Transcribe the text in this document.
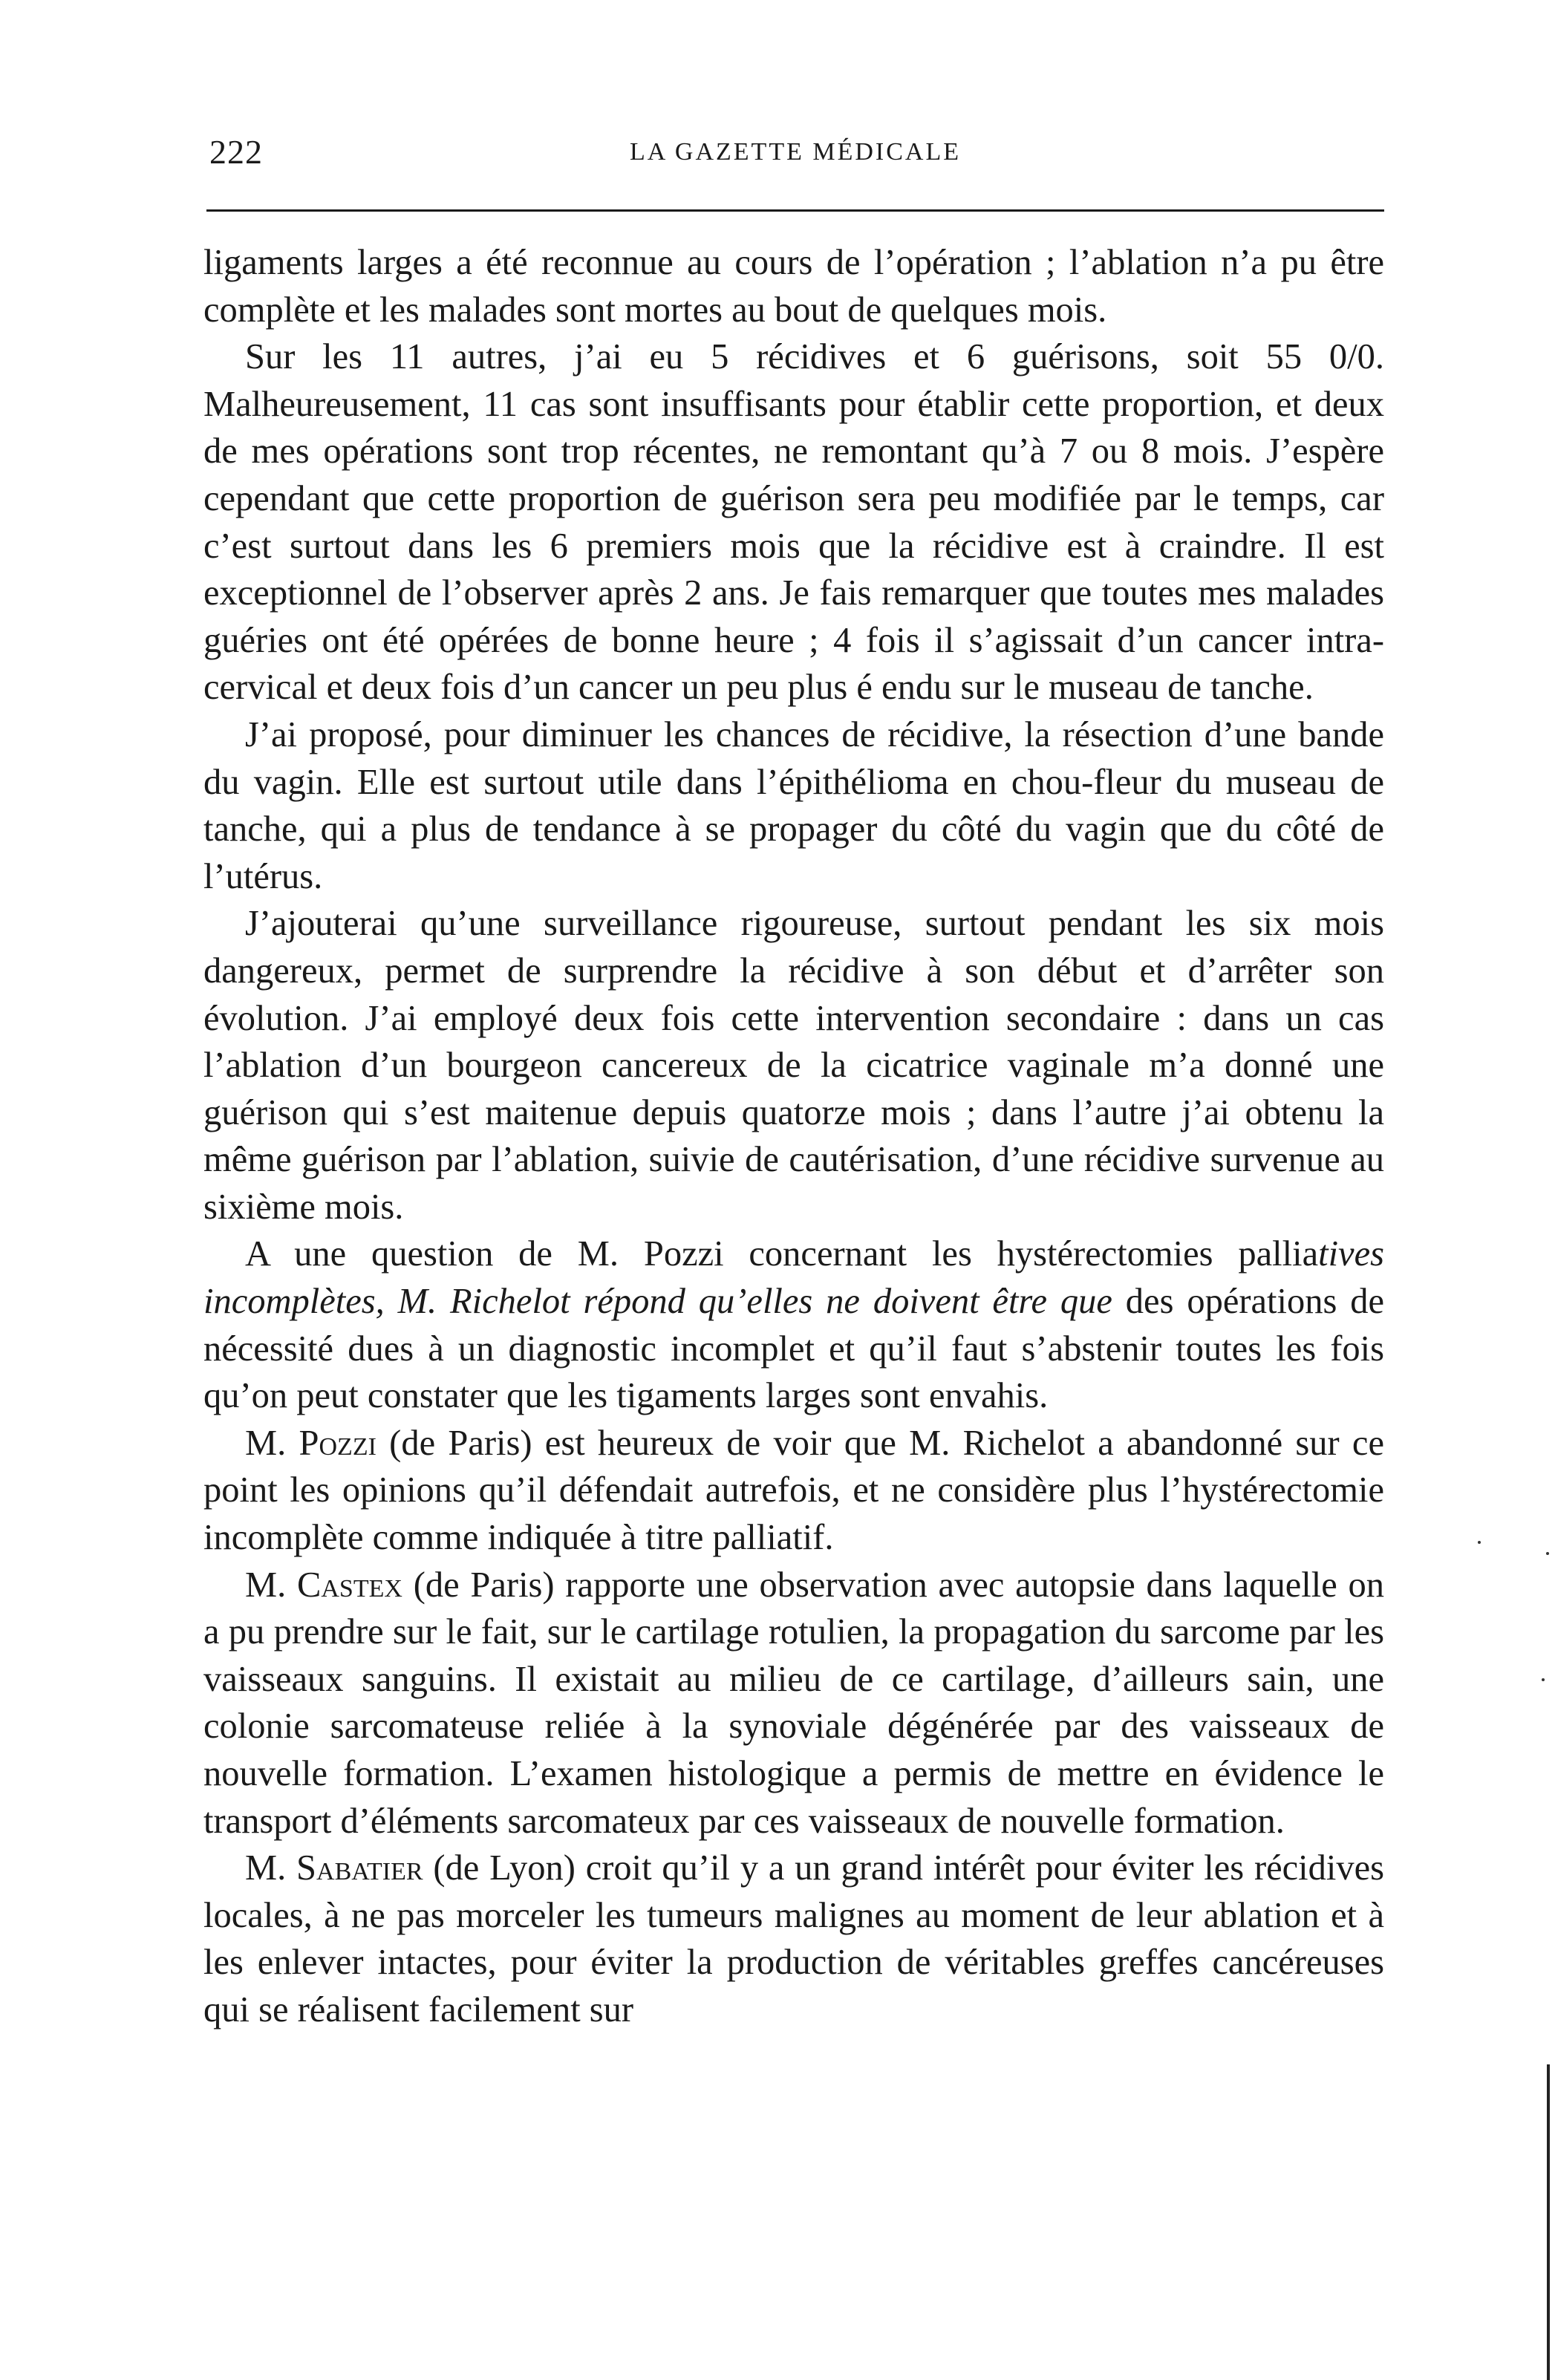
222	LA GAZETTE MÉDICALE

ligaments larges a été reconnue au cours de l’opération ; l’ablation n’a pu être complète et les malades sont mortes au bout de quelques mois.

Sur les 11 autres, j’ai eu 5 récidives et 6 guérisons, soit 55 0/0. Malheureusement, 11 cas sont insuffisants pour établir cette proportion, et deux de mes opérations sont trop récentes, ne remontant qu’à 7 ou 8 mois. J’espère cependant que cette proportion de guérison sera peu modifiée par le temps, car c’est surtout dans les 6 premiers mois que la récidive est à craindre. Il est exceptionnel de l’observer après 2 ans. Je fais remarquer que toutes mes malades guéries ont été opérées de bonne heure ; 4 fois il s’agissait d’un cancer intra-cervical et deux fois d’un cancer un peu plus é endu sur le museau de tanche.

J’ai proposé, pour diminuer les chances de récidive, la résection d’une bande du vagin. Elle est surtout utile dans l’épithélioma en chou-fleur du museau de tanche, qui a plus de tendance à se propager du côté du vagin que du côté de l’utérus.

J’ajouterai qu’une surveillance rigoureuse, surtout pendant les six mois dangereux, permet de surprendre la récidive à son début et d’arrêter son évolution. J’ai employé deux fois cette intervention secondaire : dans un cas l’ablation d’un bourgeon cancereux de la cicatrice vaginale m’a donné une guérison qui s’est maitenue depuis quatorze mois ; dans l’autre j’ai obtenu la même guérison par l’ablation, suivie de cautérisation, d’une récidive survenue au sixième mois.

A une question de M. Pozzi concernant les hystérectomies palliatives incomplètes, M. Richelot répond qu’elles ne doivent être que des opérations de nécessité dues à un diagnostic incomplet et qu’il faut s’abstenir toutes les fois qu’on peut constater que les tigaments larges sont envahis.

M. Pozzi (de Paris) est heureux de voir que M. Richelot a abandonné sur ce point les opinions qu’il défendait autrefois, et ne considère plus l’hystérectomie incomplète comme indiquée à titre palliatif.

M. Castex (de Paris) rapporte une observation avec autopsie dans laquelle on a pu prendre sur le fait, sur le cartilage rotulien, la propagation du sarcome par les vaisseaux sanguins. Il existait au milieu de ce cartilage, d’ailleurs sain, une colonie sarcomateuse reliée à la synoviale dégénérée par des vaisseaux de nouvelle formation. L’examen histologique a permis de mettre en évidence le transport d’éléments sarcomateux par ces vaisseaux de nouvelle formation.

M. Sabatier (de Lyon) croit qu’il y a un grand intérêt pour éviter les récidives locales, à ne pas morceler les tumeurs malignes au moment de leur ablation et à les enlever intactes, pour éviter la production de véritables greffes cancéreuses qui se réalisent facilement sur
